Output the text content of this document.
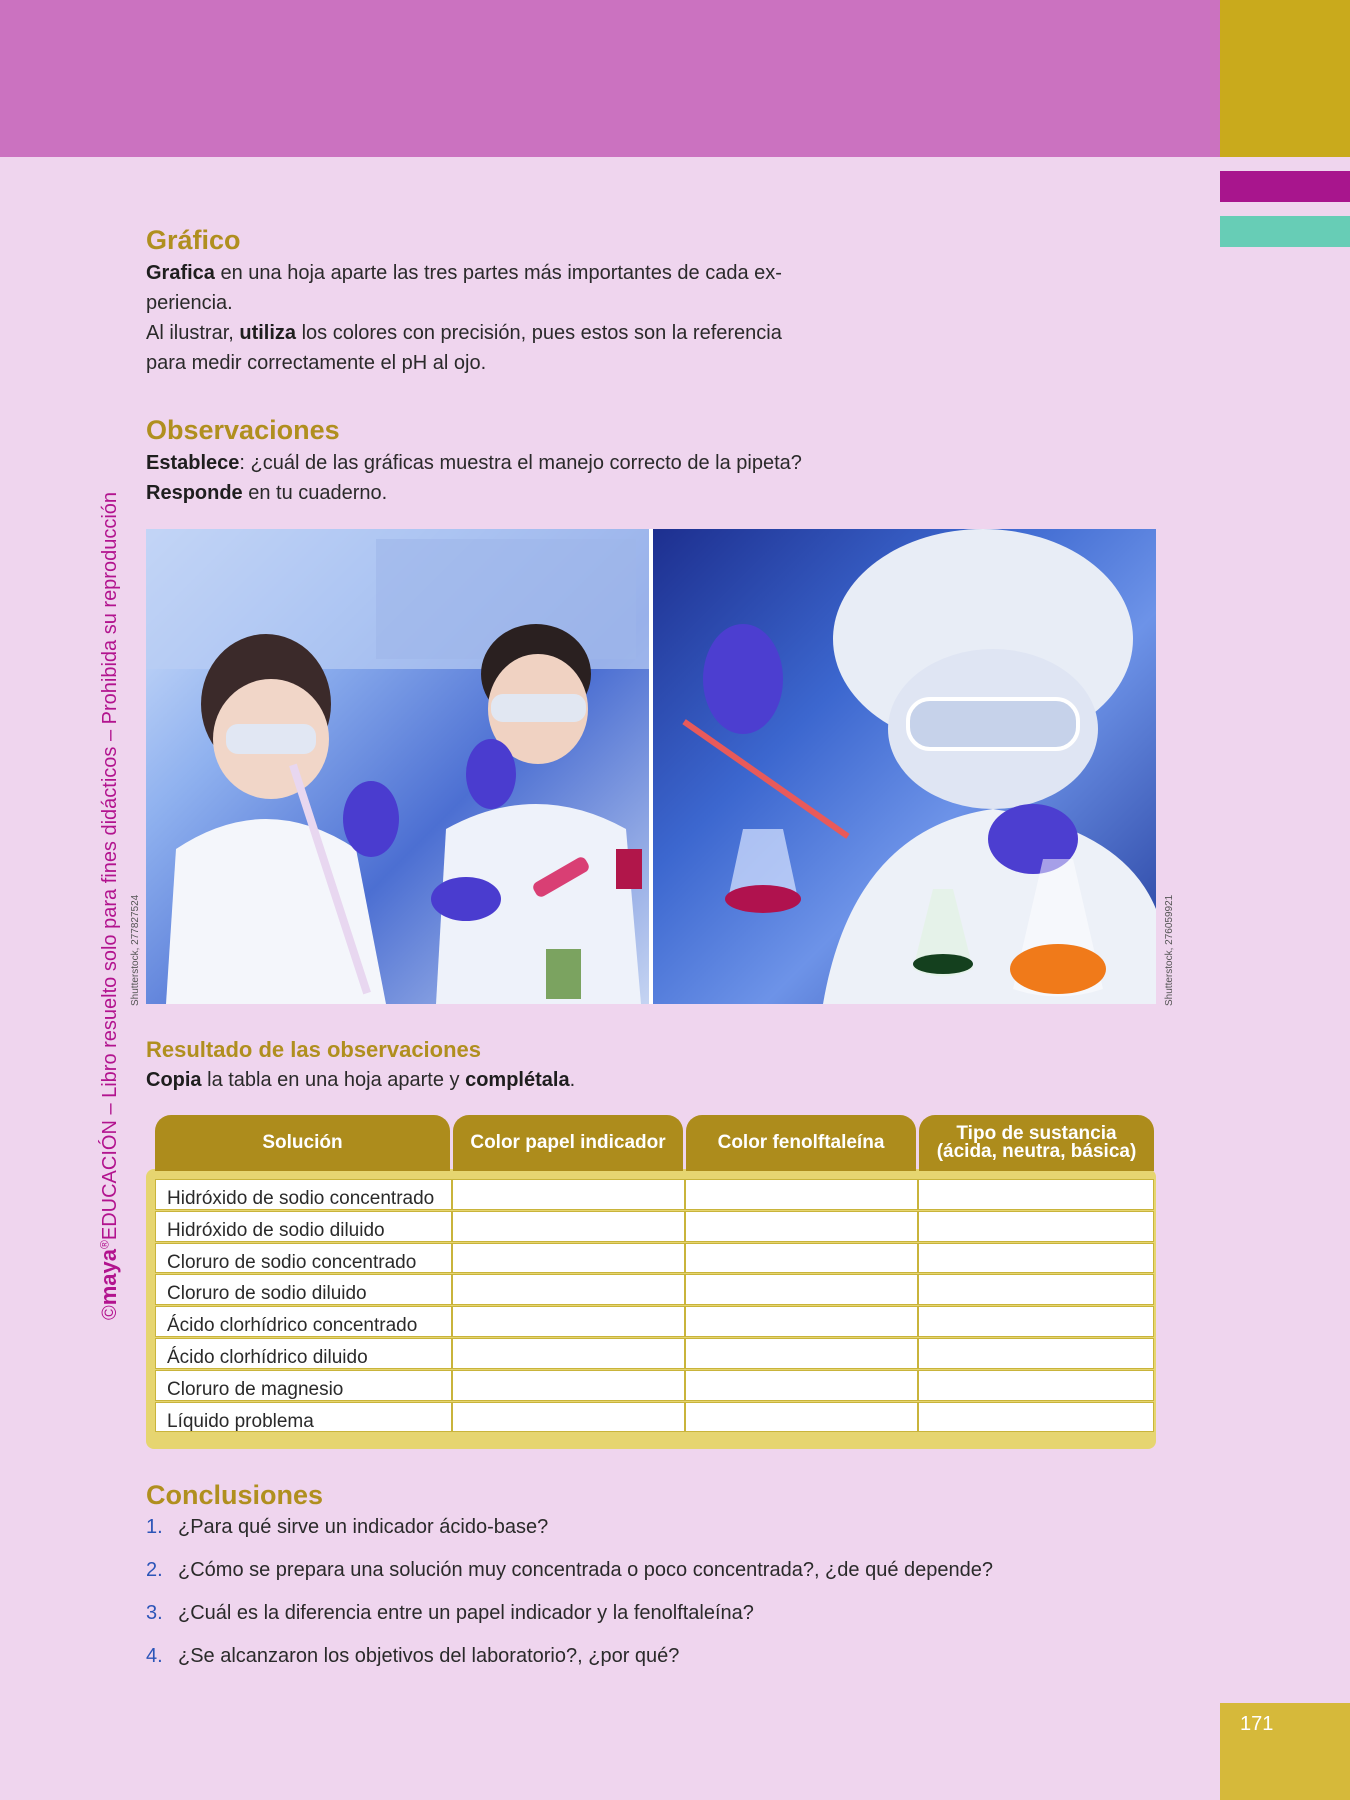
©maya®EDUCACIÓN – Libro resuelto solo para fines didácticos – Prohibida su reproducción
Gráfico

Grafica en una hoja aparte las tres partes más importantes de cada ex-
periencia.

Al ilustrar, utiliza los colores con precisión, pues estos son la referencia
para medir correctamente el pH al ojo.

Observaciones

Establece: ¿cuál de las gráficas muestra el manejo correcto de la pipeta?

Responde en tu cuaderno.

Shutterstock, 277827524	Shutterstock, 276059921
Resultado de las observaciones

Copia la tabla en una hoja aparte y complétala.

Solución	Color papel indicador	Color fenolftaleína	Tipo de sustancia
(ácida, neutra, básica)
Hidróxido de sodio concentrado
Hidróxido de sodio diluido
Cloruro de sodio concentrado
Cloruro de sodio diluido
Ácido clorhídrico concentrado
Ácido clorhídrico diluido
Cloruro de magnesio
Líquido problema
Conclusiones
1. ¿Para qué sirve un indicador ácido-base?
2. ¿Cómo se prepara una solución muy concentrada o poco concentrada?, ¿de qué depende?
3. ¿Cuál es la diferencia entre un papel indicador y la fenolftaleína?
4. ¿Se alcanzaron los objetivos del laboratorio?, ¿por qué?
171
